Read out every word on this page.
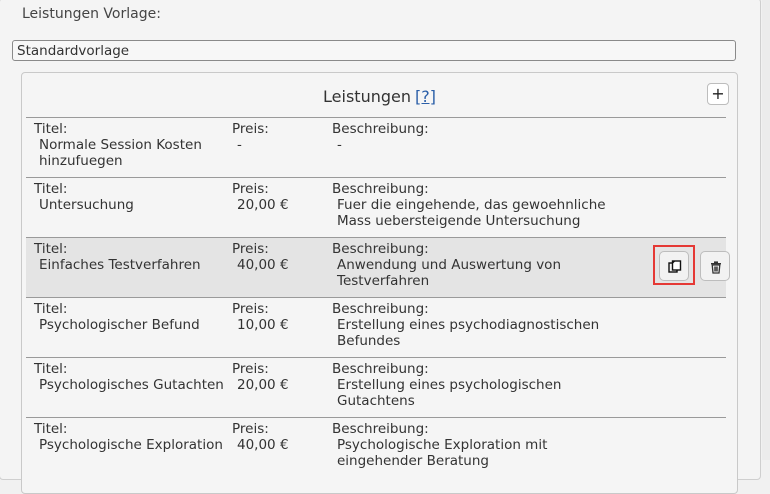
Leistungen Vorlage:
Standardvorlage
Leistungen [?]	+
Titel:
Normale Session Kosten
hinzufuegen
Preis:
-
Beschreibung:
-
Titel:
Untersuchung
Preis:
20,00 €
Beschreibung:
Fuer die eingehende, das gewoehnliche
Mass uebersteigende Untersuchung
Titel:
Einfaches Testverfahren
Preis:
40,00 €
Beschreibung:
Anwendung und Auswertung von
Testverfahren
Titel:
Psychologischer Befund
Preis:
10,00 €
Beschreibung:
Erstellung eines psychodiagnostischen
Befundes
Titel:
Psychologisches Gutachten
Preis:
20,00 €
Beschreibung:
Erstellung eines psychologischen
Gutachtens
Titel:
Psychologische Exploration
Preis:
40,00 €
Beschreibung:
Psychologische Exploration mit
eingehender Beratung
